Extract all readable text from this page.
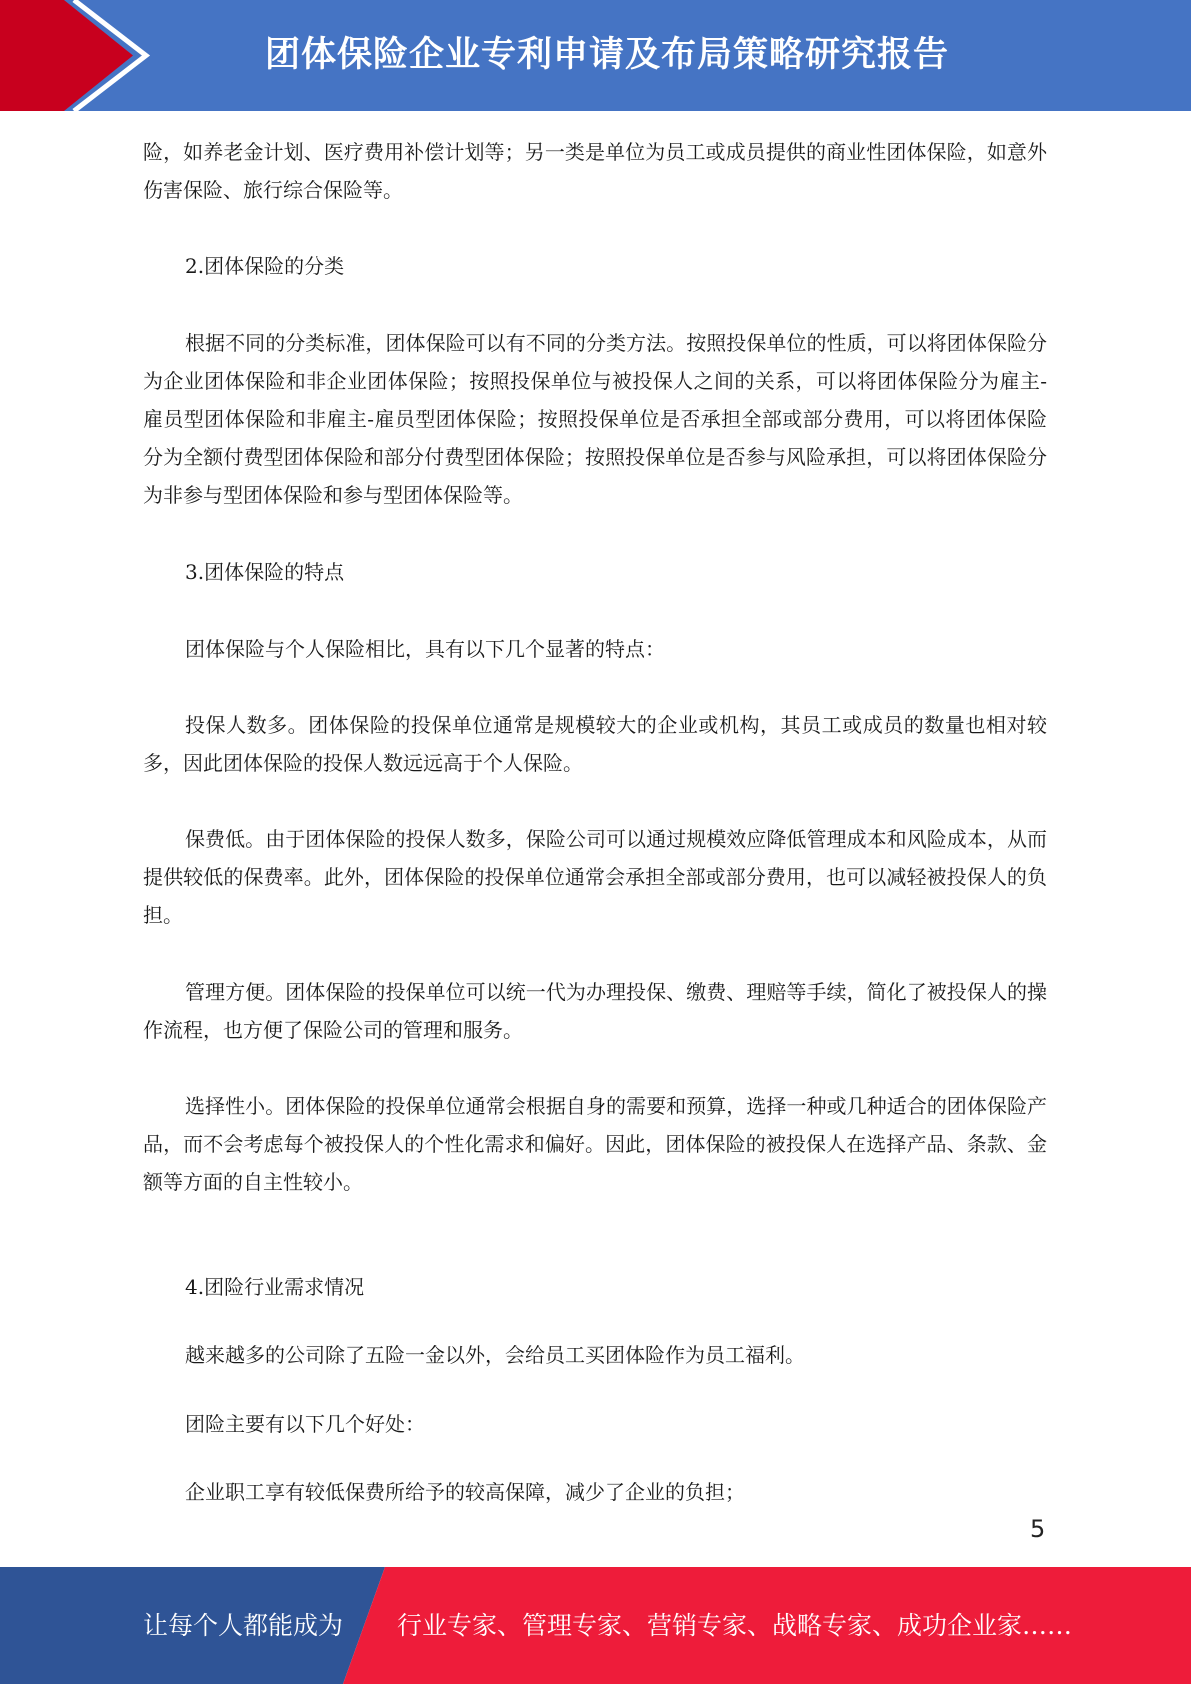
团体保险企业专利申请及布局策略研究报告

险，如养老金计划、医疗费用补偿计划等；另一类是单位为员工或成员提供的商业性团体保险，如意外伤害保险、旅行综合保险等。

2.团体保险的分类

根据不同的分类标准，团体保险可以有不同的分类方法。按照投保单位的性质，可以将团体保险分为企业团体保险和非企业团体保险；按照投保单位与被投保人之间的关系，可以将团体保险分为雇主-雇员型团体保险和非雇主-雇员型团体保险；按照投保单位是否承担全部或部分费用，可以将团体保险分为全额付费型团体保险和部分付费型团体保险；按照投保单位是否参与风险承担，可以将团体保险分为非参与型团体保险和参与型团体保险等。

3.团体保险的特点

团体保险与个人保险相比，具有以下几个显著的特点：

投保人数多。团体保险的投保单位通常是规模较大的企业或机构，其员工或成员的数量也相对较多，因此团体保险的投保人数远远高于个人保险。

保费低。由于团体保险的投保人数多，保险公司可以通过规模效应降低管理成本和风险成本，从而提供较低的保费率。此外，团体保险的投保单位通常会承担全部或部分费用，也可以减轻被投保人的负担。

管理方便。团体保险的投保单位可以统一代为办理投保、缴费、理赔等手续，简化了被投保人的操作流程，也方便了保险公司的管理和服务。

选择性小。团体保险的投保单位通常会根据自身的需要和预算，选择一种或几种适合的团体保险产品，而不会考虑每个被投保人的个性化需求和偏好。因此，团体保险的被投保人在选择产品、条款、金额等方面的自主性较小。

4.团险行业需求情况

越来越多的公司除了五险一金以外，会给员工买团体险作为员工福利。

团险主要有以下几个好处：

企业职工享有较低保费所给予的较高保障，减少了企业的负担；

5
让每个人都能成为 行业专家、管理专家、营销专家、战略专家、成功企业家……
